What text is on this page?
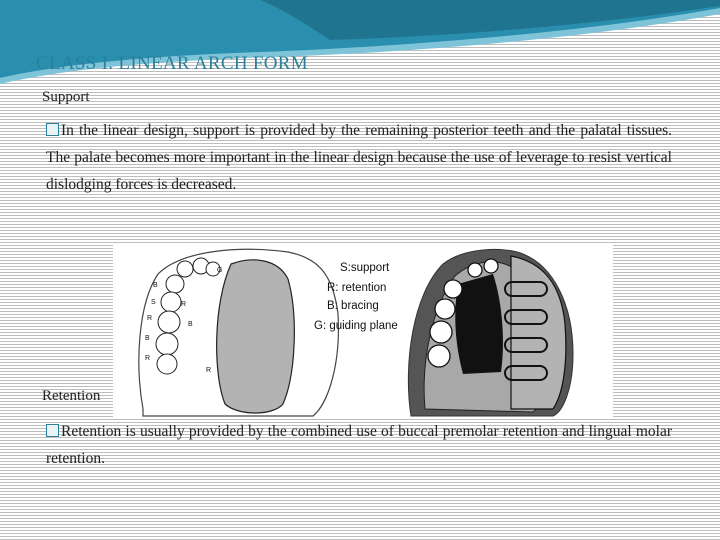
CLASS I. LINEAR ARCH FORM
Support
In the linear design, support is provided by the remaining posterior teeth and the palatal tissues. The palate becomes more important in the linear design because the use of leverage to resist vertical dislodging forces is decreased.
B
S
R
B
R
R
B
G
R
S:support
R: retention
B: bracing
G: guiding plane
Retention
Retention is usually provided by the combined use of buccal premolar retention and lingual molar retention.
